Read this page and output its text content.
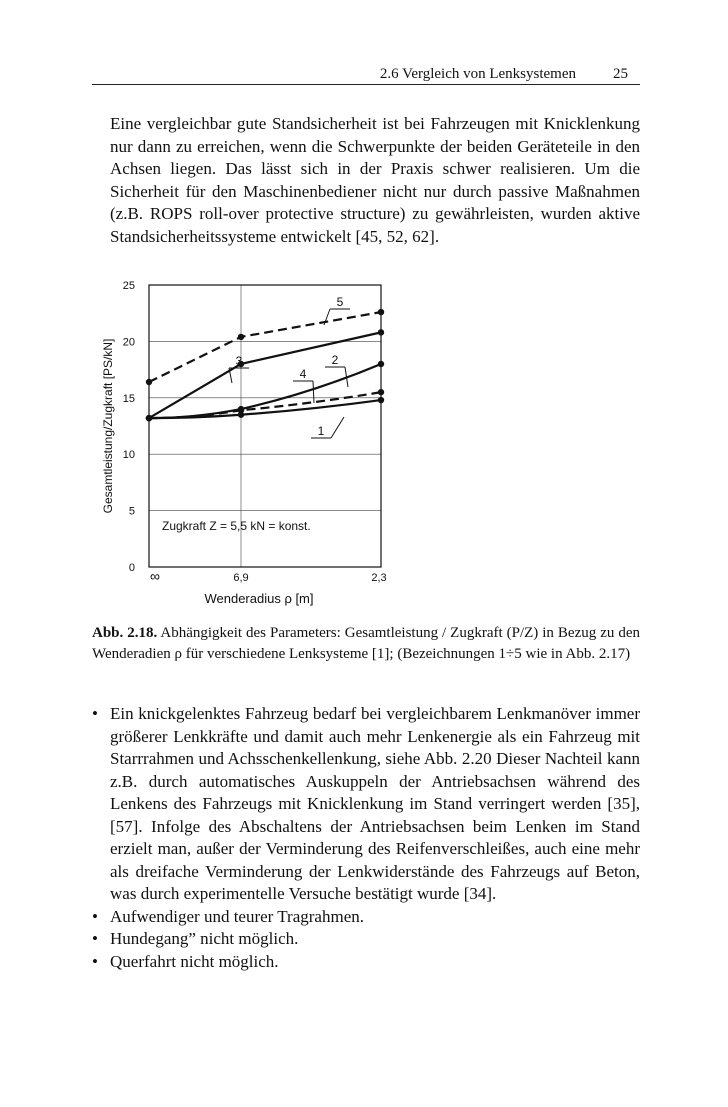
2.6 Vergleich von Lenksystemen 25

Eine vergleichbar gute Standsicherheit ist bei Fahrzeugen mit Knicklenkung nur dann zu erreichen, wenn die Schwerpunkte der beiden Geräteteile in den Achsen liegen. Das lässt sich in der Praxis schwer realisieren. Um die Sicherheit für den Maschinenbediener nicht nur durch passive Maßnahmen (z.B. ROPS roll-over protective structure) zu gewährleisten, wurden aktive Standsicherheitssysteme entwickelt [45, 52, 62].

0
5
10
15
20
25
∞	6,9	2,3
Wenderadius ρ [m]
Gesamtleistung/Zugkraft [PS/kN]	1
2
3
4
5
Zugkraft Z = 5,5 kN = konst.

Abb. 2.18. Abhängigkeit des Parameters: Gesamtleistung / Zugkraft (P/Z) in Bezug zu den Wenderadien ρ für verschiedene Lenksysteme [1]; (Bezeichnungen 1÷5 wie in Abb. 2.17)

• Ein knickgelenktes Fahrzeug bedarf bei vergleichbarem Lenkmanöver immer größerer Lenkkräfte und damit auch mehr Lenkenergie als ein Fahrzeug mit Starrrahmen und Achsschenkellenkung, siehe Abb. 2.20 Dieser Nachteil kann z.B. durch automatisches Auskuppeln der Antriebsachsen während des Lenkens des Fahrzeugs mit Knicklenkung im Stand verringert werden [35], [57]. Infolge des Abschaltens der Antriebsachsen beim Lenken im Stand erzielt man, außer der Verminderung des Reifenverschleißes, auch eine mehr als dreifache Verminderung der Lenkwiderstände des Fahrzeugs auf Beton, was durch experimentelle Versuche bestätigt wurde [34].
• Aufwendiger und teurer Tragrahmen.
• Hundegang” nicht möglich.
• Querfahrt nicht möglich.
